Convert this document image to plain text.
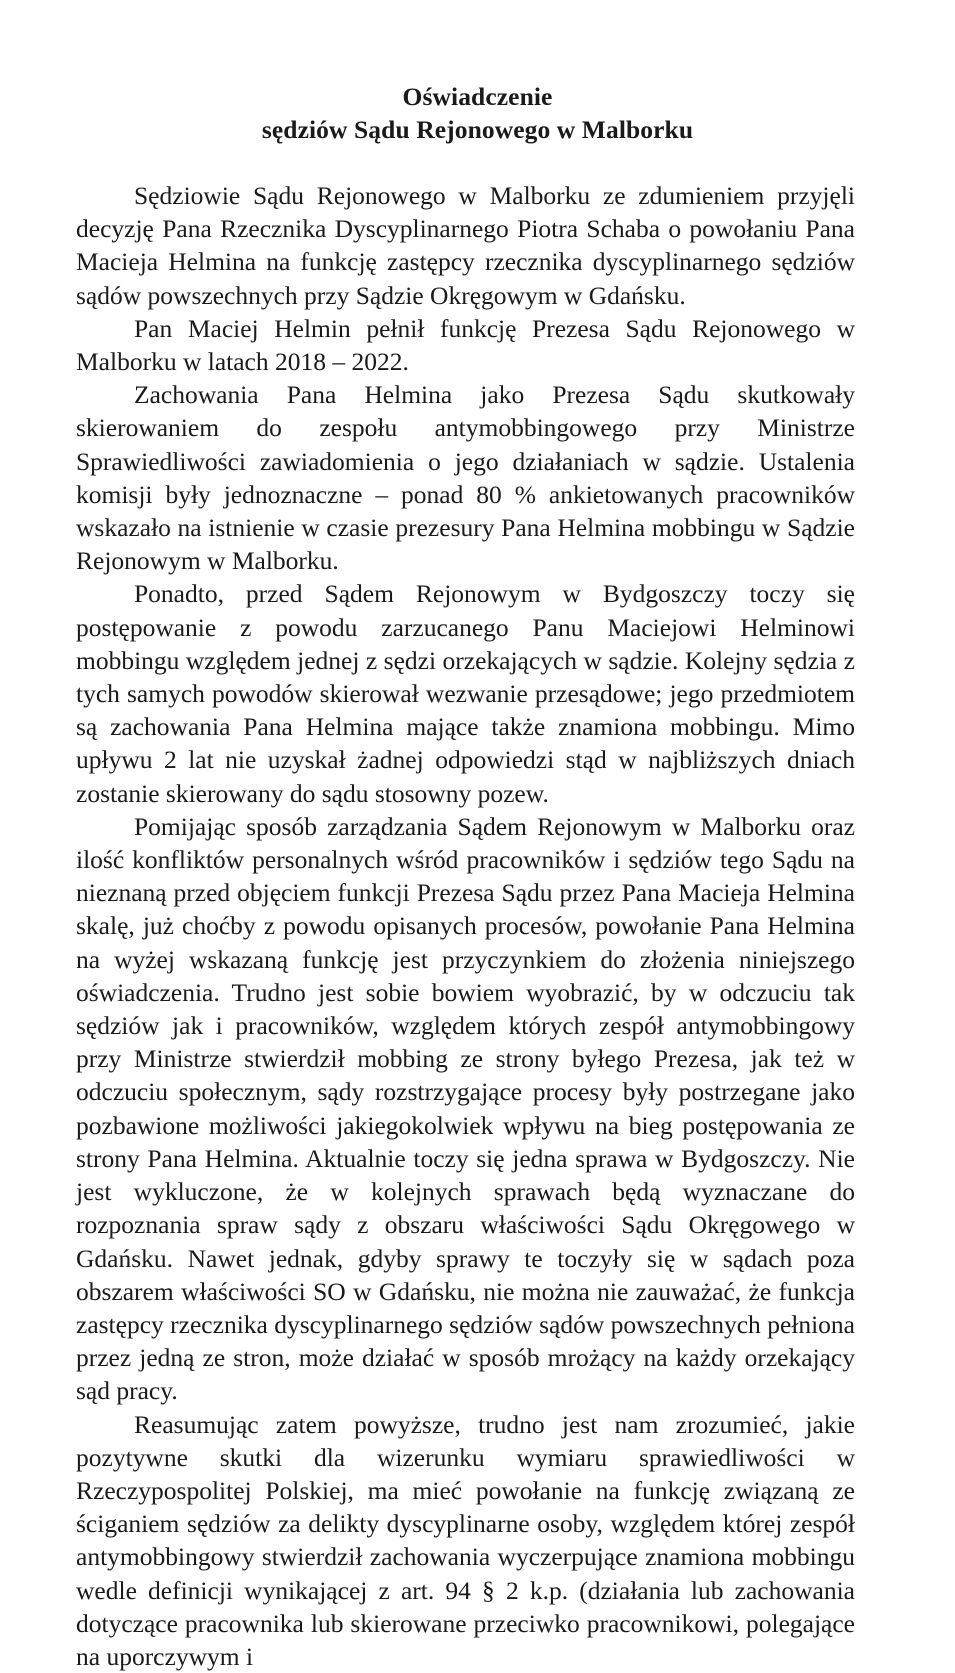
Oświadczenie
sędziów Sądu Rejonowego w Malborku

Sędziowie Sądu Rejonowego w Malborku ze zdumieniem przyjęli decyzję Pana Rzecznika Dyscyplinarnego Piotra Schaba o powołaniu Pana Macieja Helmina na funkcję zastępcy rzecznika dyscyplinarnego sędziów sądów powszechnych przy Sądzie Okręgowym w Gdańsku.

Pan Maciej Helmin pełnił funkcję Prezesa Sądu Rejonowego w Malborku w latach 2018 – 2022.

Zachowania Pana Helmina jako Prezesa Sądu skutkowały skierowaniem do zespołu antymobbingowego przy Ministrze Sprawiedliwości zawiadomienia o jego działaniach w sądzie. Ustalenia komisji były jednoznaczne – ponad 80 % ankietowanych pracowników wskazało na istnienie w czasie prezesury Pana Helmina mobbingu w Sądzie Rejonowym w Malborku.

Ponadto, przed Sądem Rejonowym w Bydgoszczy toczy się postępowanie z powodu zarzucanego Panu Maciejowi Helminowi mobbingu względem jednej z sędzi orzekających w sądzie. Kolejny sędzia z tych samych powodów skierował wezwanie przesądowe; jego przedmiotem są zachowania Pana Helmina mające także znamiona mobbingu. Mimo upływu 2 lat nie uzyskał żadnej odpowiedzi stąd w najbliższych dniach zostanie skierowany do sądu stosowny pozew.

Pomijając sposób zarządzania Sądem Rejonowym w Malborku oraz ilość konfliktów personalnych wśród pracowników i sędziów tego Sądu na nieznaną przed objęciem funkcji Prezesa Sądu przez Pana Macieja Helmina skalę, już choćby z powodu opisanych procesów, powołanie Pana Helmina na wyżej wskazaną funkcję jest przyczynkiem do złożenia niniejszego oświadczenia. Trudno jest sobie bowiem wyobrazić, by w odczuciu tak sędziów jak i pracowników, względem których zespół antymobbingowy przy Ministrze stwierdził mobbing ze strony byłego Prezesa, jak też w odczuciu społecznym, sądy rozstrzygające procesy były postrzegane jako pozbawione możliwości jakiegokolwiek wpływu na bieg postępowania ze strony Pana Helmina. Aktualnie toczy się jedna sprawa w Bydgoszczy. Nie jest wykluczone, że w kolejnych sprawach będą wyznaczane do rozpoznania spraw sądy z obszaru właściwości Sądu Okręgowego w Gdańsku. Nawet jednak, gdyby sprawy te toczyły się w sądach poza obszarem właściwości SO w Gdańsku, nie można nie zauważać, że funkcja zastępcy rzecznika dyscyplinarnego sędziów sądów powszechnych pełniona przez jedną ze stron, może działać w sposób mrożący na każdy orzekający sąd pracy.

Reasumując zatem powyższe, trudno jest nam zrozumieć, jakie pozytywne skutki dla wizerunku wymiaru sprawiedliwości w Rzeczypospolitej Polskiej, ma mieć powołanie na funkcję związaną ze ściganiem sędziów za delikty dyscyplinarne osoby, względem której zespół antymobbingowy stwierdził zachowania wyczerpujące znamiona mobbingu wedle definicji wynikającej z art. 94 § 2 k.p. (działania lub zachowania dotyczące pracownika lub skierowane przeciwko pracownikowi, polegające na uporczywym i
